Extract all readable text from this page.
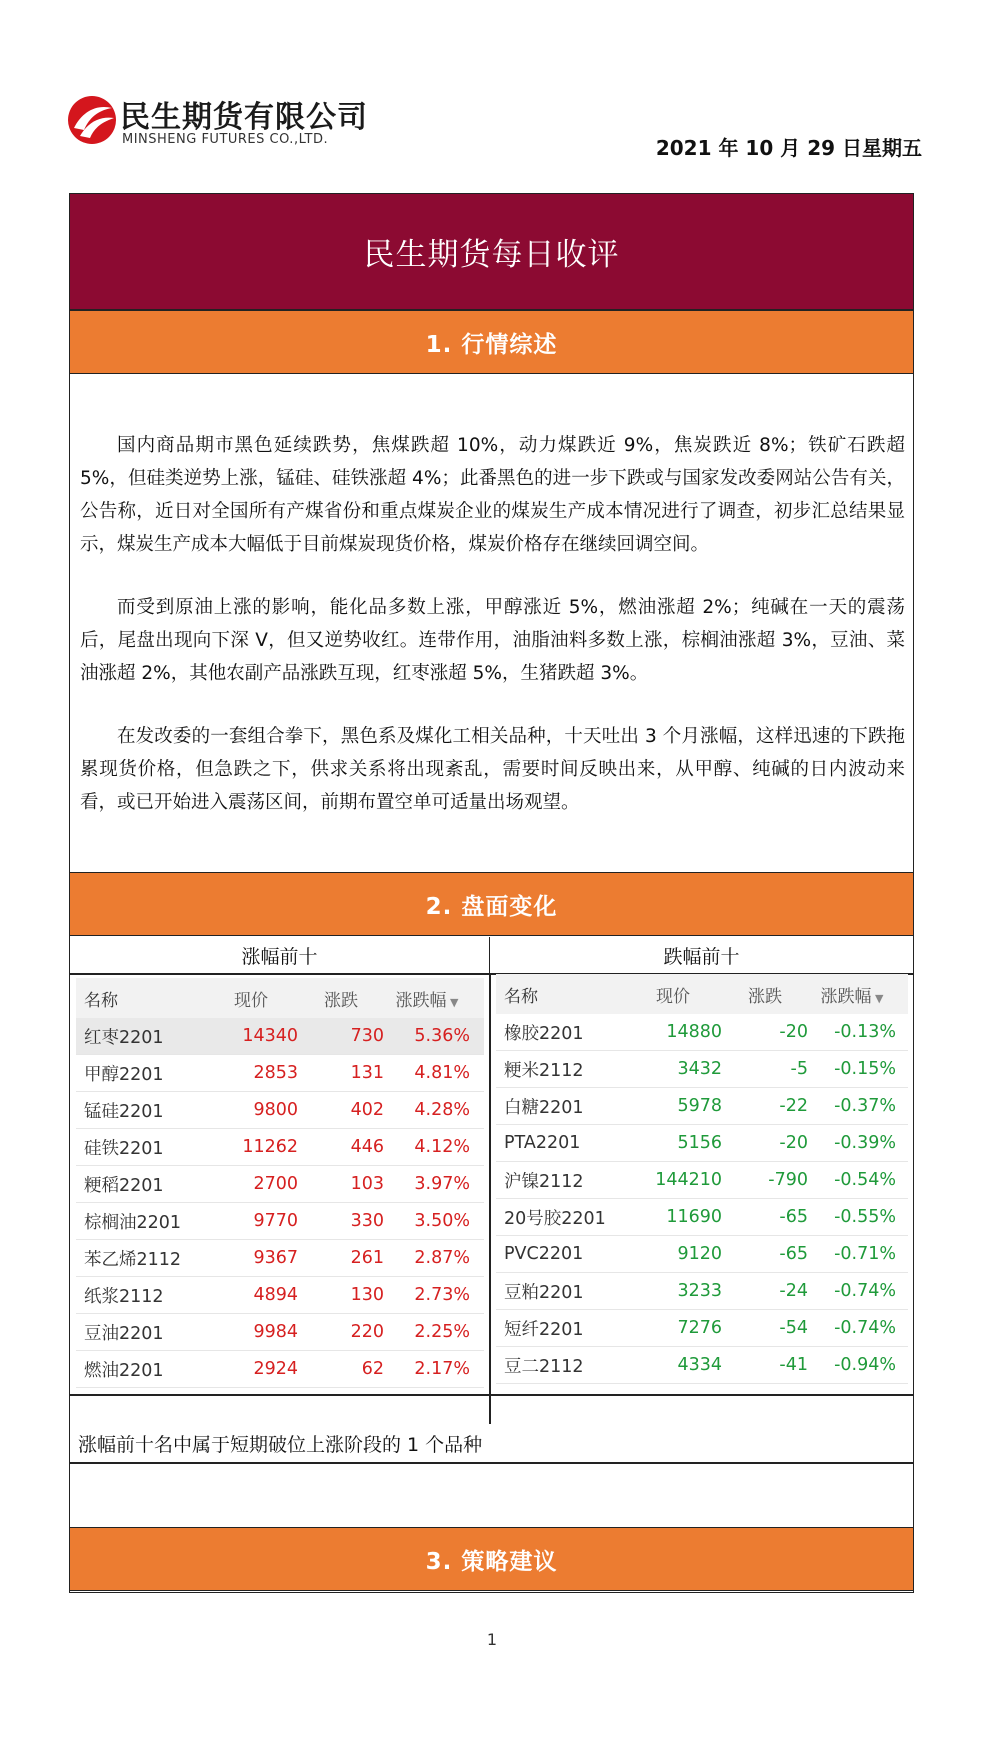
民生期货有限公司
MINSHENG FUTURES CO.,LTD.	2021 年 10 月 29 日星期五
民生期货每日收评
1. 行情综述

国内商品期市黑色延续跌势，焦煤跌超 10%，动力煤跌近 9%，焦炭跌近 8%；铁矿石跌超 5%，但硅类逆势上涨，锰硅、硅铁涨超 4%；此番黑色的进一步下跌或与国家发改委网站公告有关，公告称，近日对全国所有产煤省份和重点煤炭企业的煤炭生产成本情况进行了调查，初步汇总结果显示，煤炭生产成本大幅低于目前煤炭现货价格，煤炭价格存在继续回调空间。

而受到原油上涨的影响，能化品多数上涨，甲醇涨近 5%，燃油涨超 2%；纯碱在一天的震荡后，尾盘出现向下深 V，但又逆势收红。连带作用，油脂油料多数上涨，棕榈油涨超 3%，豆油、菜油涨超 2%，其他农副产品涨跌互现，红枣涨超 5%，生猪跌超 3%。

在发改委的一套组合拳下，黑色系及煤化工相关品种，十天吐出 3 个月涨幅，这样迅速的下跌拖累现货价格，但急跌之下，供求关系将出现紊乱，需要时间反映出来，从甲醇、纯碱的日内波动来看，或已开始进入震荡区间，前期布置空单可适量出场观望。

2. 盘面变化
涨幅前十	跌幅前十
名称	现价	涨跌	涨跌幅 ▼
红枣2201	14340	730	5.36%
甲醇2201	2853	131	4.81%
锰硅2201	9800	402	4.28%
硅铁2201	11262	446	4.12%
粳稻2201	2700	103	3.97%
棕榈油2201	9770	330	3.50%
苯乙烯2112	9367	261	2.87%
纸浆2112	4894	130	2.73%
豆油2201	9984	220	2.25%
燃油2201	2924	62	2.17%
名称	现价	涨跌	涨跌幅 ▼
橡胶2201	14880	-20	-0.13%
粳米2112	3432	-5	-0.15%
白糖2201	5978	-22	-0.37%
PTA2201	5156	-20	-0.39%
沪镍2112	144210	-790	-0.54%
20号胶2201	11690	-65	-0.55%
PVC2201	9120	-65	-0.71%
豆粕2201	3233	-24	-0.74%
短纤2201	7276	-54	-0.74%
豆二2112	4334	-41	-0.94%
涨幅前十名中属于短期破位上涨阶段的 1 个品种
3. 策略建议
1
